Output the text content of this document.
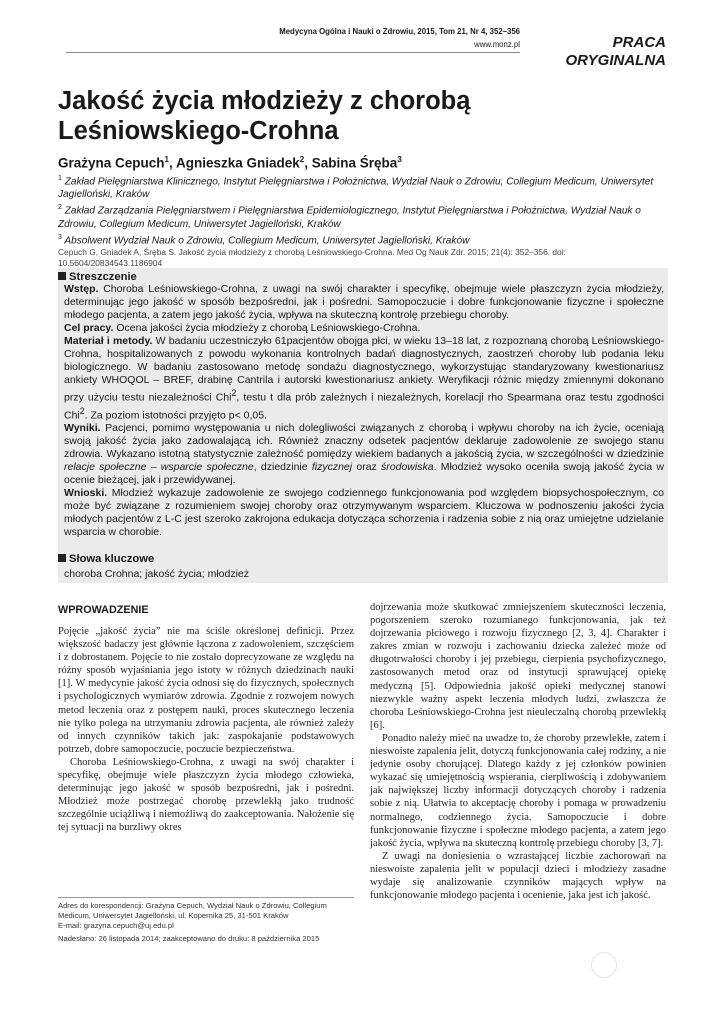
Medycyna Ogólna i Nauki o Zdrowiu, 2015, Tom 21, Nr 4, 352–356
www.monz.pl	PRACA ORYGINALNA
Jakość życia młodzieży z chorobą Leśniowskiego-Crohna
Grażyna Cepuch$^1$, Agnieszka Gniadek$^2$, Sabina Śręba$^3$

$^1$ Zakład Pielęgniarstwa Klinicznego, Instytut Pielęgniarstwa i Położnictwa, Wydział Nauk o Zdrowiu, Collegium Medicum, Uniwersytet Jagielloński, Kraków

$^2$ Zakład Zarządzania Pielęgniarstwem i Pielęgniarstwa Epidemiologicznego, Instytut Pielęgniarstwa i Położnictwa, Wydział Nauk o Zdrowiu, Collegium Medicum, Uniwersytet Jagielloński, Kraków

$^3$ Absolwent Wydział Nauk o Zdrowiu, Collegium Medicum, Uniwersytet Jagielloński, Kraków

Cepuch G, Gniadek A, Śręba S. Jakość życia młodzieży z chorobą Leśniowskiego-Crohna. Med Og Nauk Zdr. 2015; 21(4): 352–356. doi: 10.5604/20834543.1186904
Streszczenie

Wstęp. Choroba Leśniowskiego-Crohna, z uwagi na swój charakter i specyfikę, obejmuje wiele płaszczyzn życia młodzieży, determinując jego jakość w sposób bezpośredni, jak i pośredni. Samopoczucie i dobre funkcjonowanie fizyczne i społeczne młodego pacjenta, a zatem jego jakość życia, wpływa na skuteczną kontrolę przebiegu choroby.

Cel pracy. Ocena jakości życia młodzieży z chorobą Leśniowskiego-Crohna.

Materiał i metody. W badaniu uczestniczyło 61pacjentów obojga płci, w wieku 13–18 lat, z rozpoznaną chorobą Leśniowskiego-Crohna, hospitalizowanych z powodu wykonania kontrolnych badań diagnostycznych, zaostrzeń choroby lub podania leku biologicznego. W badaniu zastosowano metodę sondażu diagnostycznego, wykorzystując standaryzowany kwestionariusz ankiety WHOQOL – BREF, drabinę Cantrila i autorski kwestionariusz ankiety. Weryfikacji różnic między zmiennymi dokonano przy użyciu testu niezależności Chi$^2$, testu t dla prób zależnych i niezależnych, korelacji rho Spearmana oraz testu zgodności Chi$^2$. Za poziom istotności przyjęto p< 0,05.

Wyniki. Pacjenci, pomimo występowania u nich dolegliwości związanych z chorobą i wpływu choroby na ich życie, oceniają swoją jakość życia jako zadowalającą ich. Również znaczny odsetek pacjentów deklaruje zadowolenie ze swojego stanu zdrowia. Wykazano istotną statystycznie zależność pomiędzy wiekiem badanych a jakością życia, w szczególności w dziedzinie relacje społeczne – wsparcie społeczne, dziedzinie fizycznej oraz środowiska. Młodzież wysoko oceniła swoją jakość życia w ocenie bieżącej, jak i przewidywanej.

Wnioski. Młodzież wykazuje zadowolenie ze swojego codziennego funkcjonowania pod względem biopsychospołecznym, co może być związane z rozumieniem swojej choroby oraz otrzymywanym wsparciem. Kluczowa w podnoszeniu jakości życia młodych pacjentów z L-C jest szeroko zakrojona edukacja dotycząca schorzenia i radzenia sobie z nią oraz umiejętne udzielanie wsparcia w chorobie.

Słowa kluczowe
choroba Crohna; jakość życia; młodzież
WPROWADZENIE

Pojęcie „jakość życia” nie ma ściśle określonej definicji. Przez większość badaczy jest głównie łączona z zadowoleniem, szczęściem i z dobrostanem. Pojęcie to nie zostało doprecyzowane ze względu na różny sposób wyjaśniania jego istoty w różnych dziedzinach nauki [1]. W medycynie jakość życia odnosi się do fizycznych, społecznych i psychologicznych wymiarów zdrowia. Zgodnie z rozwojem nowych metod leczenia oraz z postępem nauki, proces skutecznego leczenia nie tylko polega na utrzymaniu zdrowia pacjenta, ale również zależy od innych czynników takich jak: zaspokajanie podstawowych potrzeb, dobre samopoczucie, poczucie bezpieczeństwa.

Choroba Leśniowskiego-Crohna, z uwagi na swój charakter i specyfikę, obejmuje wiele płaszczyzn życia młodego człowieka, determinując jego jakość w sposób bezpośredni, jak i pośredni. Młodzież może postrzegać chorobę przewlekłą jako trudność szczególnie uciążliwą i niemożliwą do zaakceptowania. Nałożenie się tej sytuacji na burzliwy okres

dojrzewania może skutkować zmniejszeniem skuteczności leczenia, pogorszeniem szeroko rozumianego funkcjonowania, jak też dojrzewania płciowego i rozwoju fizycznego [2, 3, 4]. Charakter i zakres zmian w rozwoju i zachowaniu dziecka zależeć może od długotrwałości choroby i jej przebiegu, cierpienia psychofizycznego, zastosowanych metod oraz od instytucji sprawującej opiekę medyczną [5]. Odpowiednia jakość opieki medycznej stanowi niezwykle ważny aspekt leczenia młodych ludzi, zwłaszcza że choroba Leśniowskiego-Crohna jest nieuleczalną chorobą przewlekłą [6].

Ponadto należy mieć na uwadze to, że choroby przewlekłe, zatem i nieswoiste zapalenia jelit, dotyczą funkcjonowania całej rodziny, a nie jedynie osoby chorującej. Dlatego każdy z jej członków powinien wykazać się umiejętnością wspierania, cierpliwością i zdobywaniem jak największej liczby informacji dotyczących choroby i radzenia sobie z nią. Ułatwia to akceptację choroby i pomaga w prowadzeniu normalnego, codziennego życia. Samopoczucie i dobre funkcjonowanie fizyczne i społeczne młodego pacjenta, a zatem jego jakość życia, wpływa na skuteczną kontrolę przebiegu choroby [3, 7].

Z uwagi na doniesienia o wzrastającej liczbie zachorowań na nieswoiste zapalenia jelit w populacji dzieci i młodzieży zasadne wydaje się analizowanie czynników mających wpływ na funkcjonowanie młodego pacjenta i ocenienie, jaka jest ich jakość.

Adres do korespondencji: Grażyna Cepuch, Wydział Nauk o Zdrowiu, Collegium Medicum, Uniwersytet Jagielloński, ul. Kopernika 25, 31-501 Kraków

E-mail: grazyna.cepuch@uj.edu.pl

Nadesłano: 26 listopada 2014; zaakceptowano do druku: 8 października 2015
